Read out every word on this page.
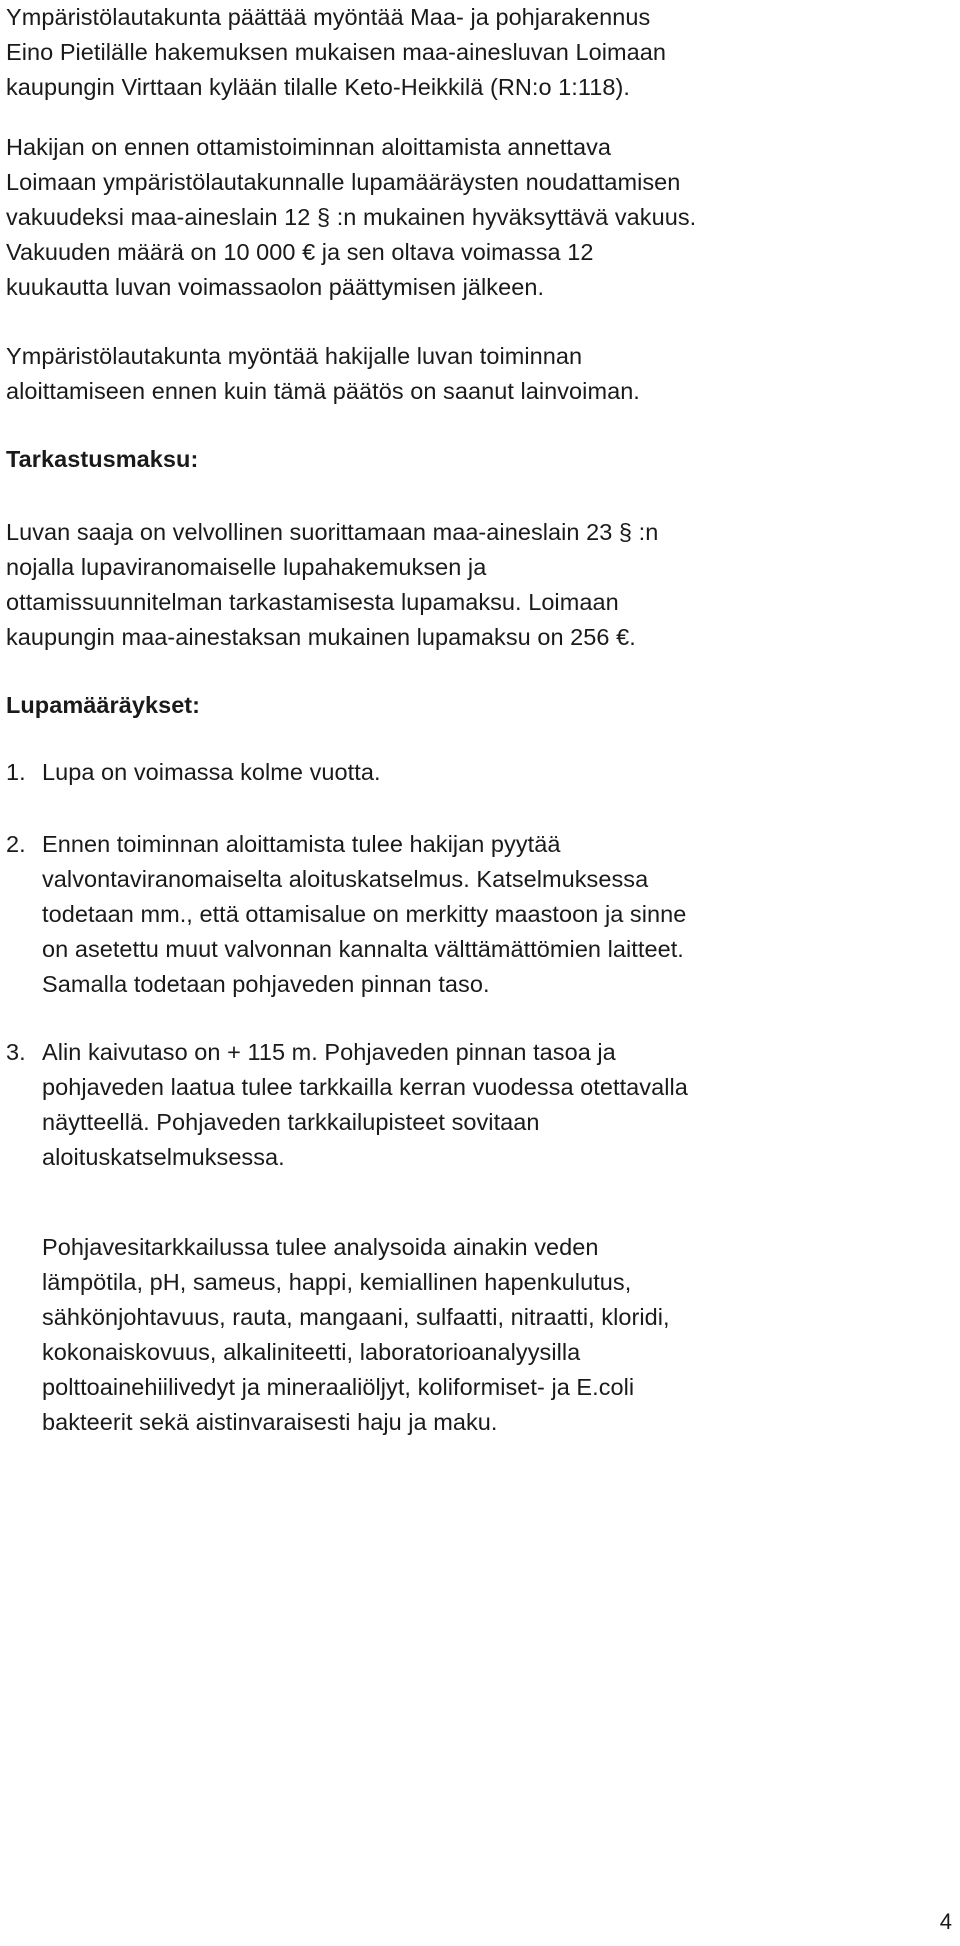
Ympäristölautakunta päättää myöntää Maa- ja pohjarakennus
Eino Pietilälle hakemuksen mukaisen maa-ainesluvan Loimaan
kaupungin Virttaan kylään tilalle Keto-Heikkilä (RN:o 1:118).
Hakijan on ennen ottamistoiminnan aloittamista annettava
Loimaan ympäristölautakunnalle lupamääräysten noudattamisen
vakuudeksi maa-aineslain 12 § :n mukainen hyväksyttävä vakuus.
Vakuuden määrä on 10 000 € ja sen oltava voimassa 12
kuukautta luvan voimassaolon päättymisen jälkeen.
Ympäristölautakunta myöntää hakijalle luvan toiminnan
aloittamiseen ennen kuin tämä päätös on saanut lainvoiman.
Tarkastusmaksu:
Luvan saaja on velvollinen suorittamaan maa-aineslain 23 § :n
nojalla lupaviranomaiselle lupahakemuksen ja
ottamissuunnitelman tarkastamisesta lupamaksu. Loimaan
kaupungin maa-ainestaksan mukainen lupamaksu on 256 €.
Lupamääräykset:
1. Lupa on voimassa kolme vuotta.
2. Ennen toiminnan aloittamista tulee hakijan pyytää
valvontaviranomaiselta aloituskatselmus. Katselmuksessa
todetaan mm., että ottamisalue on merkitty maastoon ja sinne
on asetettu muut valvonnan kannalta välttämättömien laitteet.
Samalla todetaan pohjaveden pinnan taso.
3. Alin kaivutaso on + 115 m. Pohjaveden pinnan tasoa ja
pohjaveden laatua tulee tarkkailla kerran vuodessa otettavalla
näytteellä. Pohjaveden tarkkailupisteet sovitaan
aloituskatselmuksessa.
Pohjavesitarkkailussa tulee analysoida ainakin veden
lämpötila, pH, sameus, happi, kemiallinen hapenkulutus,
sähkönjohtavuus, rauta, mangaani, sulfaatti, nitraatti, kloridi,
kokonaiskovuus, alkaliniteetti, laboratorioanalyysilla
polttoainehiilivedyt ja mineraaliöljyt, koliformiset- ja E.coli
bakteerit sekä aistinvaraisesti haju ja maku.
4
